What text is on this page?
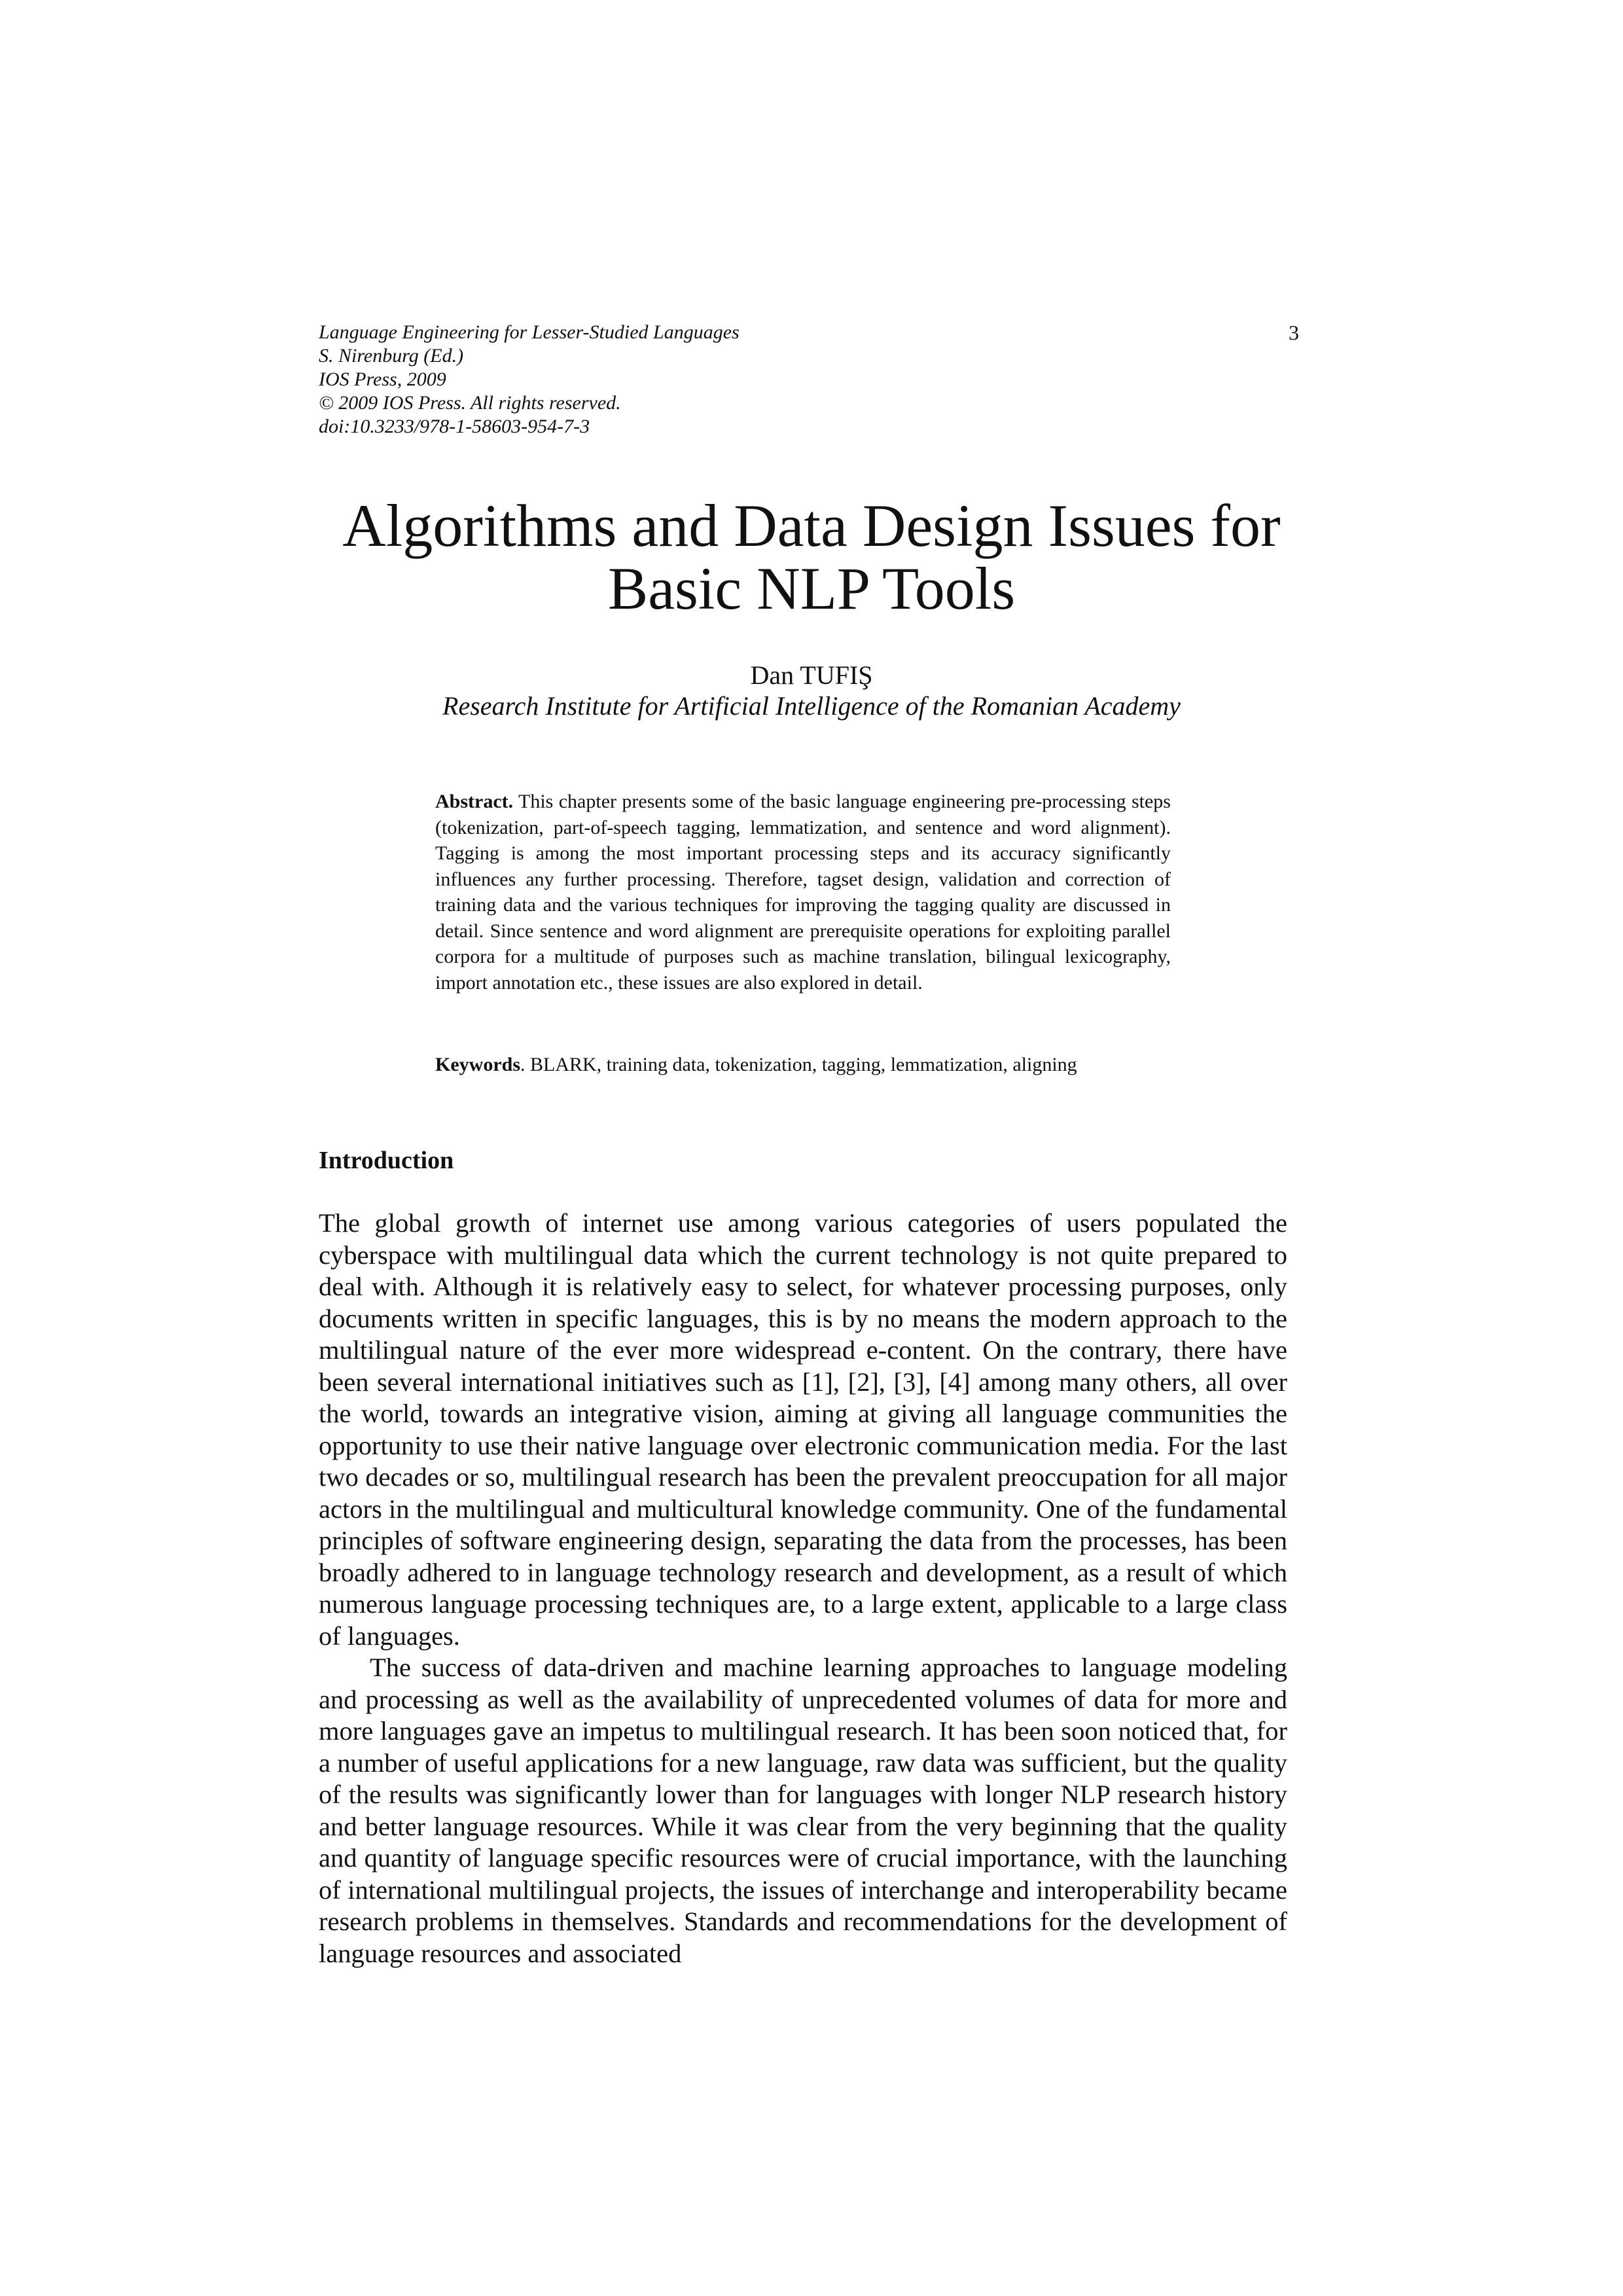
Language Engineering for Lesser-Studied Languages
S. Nirenburg (Ed.)
IOS Press, 2009
© 2009 IOS Press. All rights reserved.
doi:10.3233/978-1-58603-954-7-3
3
Algorithms and Data Design Issues for
Basic NLP Tools
Dan TUFIŞ
Research Institute for Artificial Intelligence of the Romanian Academy
Abstract. This chapter presents some of the basic language engineering pre-processing steps (tokenization, part-of-speech tagging, lemmatization, and sentence and word alignment). Tagging is among the most important processing steps and its accuracy significantly influences any further processing. Therefore, tagset design, validation and correction of training data and the various techniques for improving the tagging quality are discussed in detail. Since sentence and word alignment are prerequisite operations for exploiting parallel corpora for a multitude of purposes such as machine translation, bilingual lexicography, import annotation etc., these issues are also explored in detail.
Keywords. BLARK, training data, tokenization, tagging, lemmatization, aligning
Introduction

The global growth of internet use among various categories of users populated the cyberspace with multilingual data which the current technology is not quite prepared to deal with. Although it is relatively easy to select, for whatever processing purposes, only documents written in specific languages, this is by no means the modern approach to the multilingual nature of the ever more widespread e-content. On the contrary, there have been several international initiatives such as [1], [2], [3], [4] among many others, all over the world, towards an integrative vision, aiming at giving all language communities the opportunity to use their native language over electronic communication media. For the last two decades or so, multilingual research has been the prevalent preoccupation for all major actors in the multilingual and multicultural knowledge community. One of the fundamental principles of software engineering design, separating the data from the processes, has been broadly adhered to in language technology research and development, as a result of which numerous language processing techniques are, to a large extent, applicable to a large class of languages.

The success of data-driven and machine learning approaches to language modeling and processing as well as the availability of unprecedented volumes of data for more and more languages gave an impetus to multilingual research. It has been soon noticed that, for a number of useful applications for a new language, raw data was sufficient, but the quality of the results was significantly lower than for languages with longer NLP research history and better language resources. While it was clear from the very beginning that the quality and quantity of language specific resources were of crucial importance, with the launching of international multilingual projects, the issues of interchange and interoperability became research problems in themselves. Standards and recommendations for the development of language resources and associated
